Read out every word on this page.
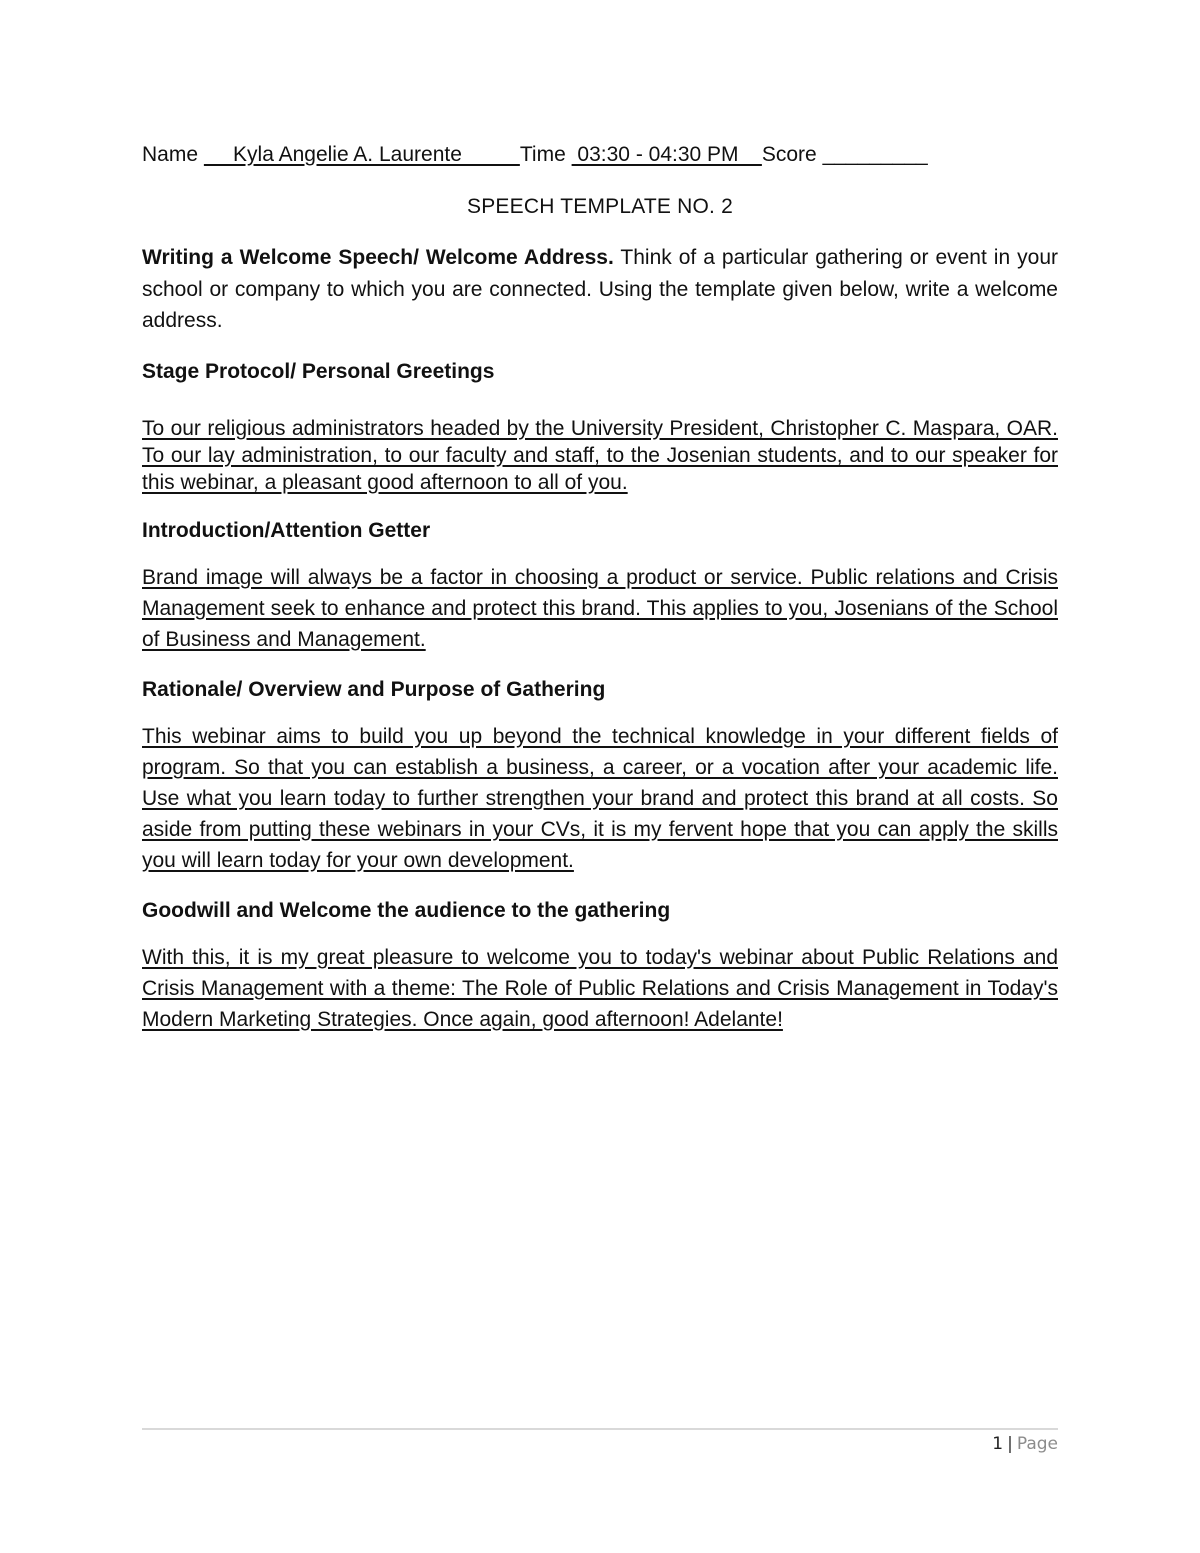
Name      Kyla Angelie A. Laurente          Time  03:30 - 04:30 PM    Score _________
SPEECH TEMPLATE NO. 2

Writing a Welcome Speech/ Welcome Address. Think of a particular gathering or event in your school or company to which you are connected. Using the template given below, write a welcome address.

Stage Protocol/ Personal Greetings

To our religious administrators headed by the University President, Christopher C. Maspara, OAR. To our lay administration, to our faculty and staff, to the Josenian students, and to our speaker for this webinar, a pleasant good afternoon to all of you.

Introduction/Attention Getter

Brand image will always be a factor in choosing a product or service. Public relations and Crisis Management seek to enhance and protect this brand. This applies to you, Josenians of the School of Business and Management.

Rationale/ Overview and Purpose of Gathering

This webinar aims to build you up beyond the technical knowledge in your different fields of program. So that you can establish a business, a career, or a vocation after your academic life. Use what you learn today to further strengthen your brand and protect this brand at all costs. So aside from putting these webinars in your CVs, it is my fervent hope that you can apply the skills you will learn today for your own development.

Goodwill and Welcome the audience to the gathering

With this, it is my great pleasure to welcome you to today's webinar about Public Relations and Crisis Management with a theme: The Role of Public Relations and Crisis Management in Today's Modern Marketing Strategies. Once again, good afternoon! Adelante!

1 | Page
